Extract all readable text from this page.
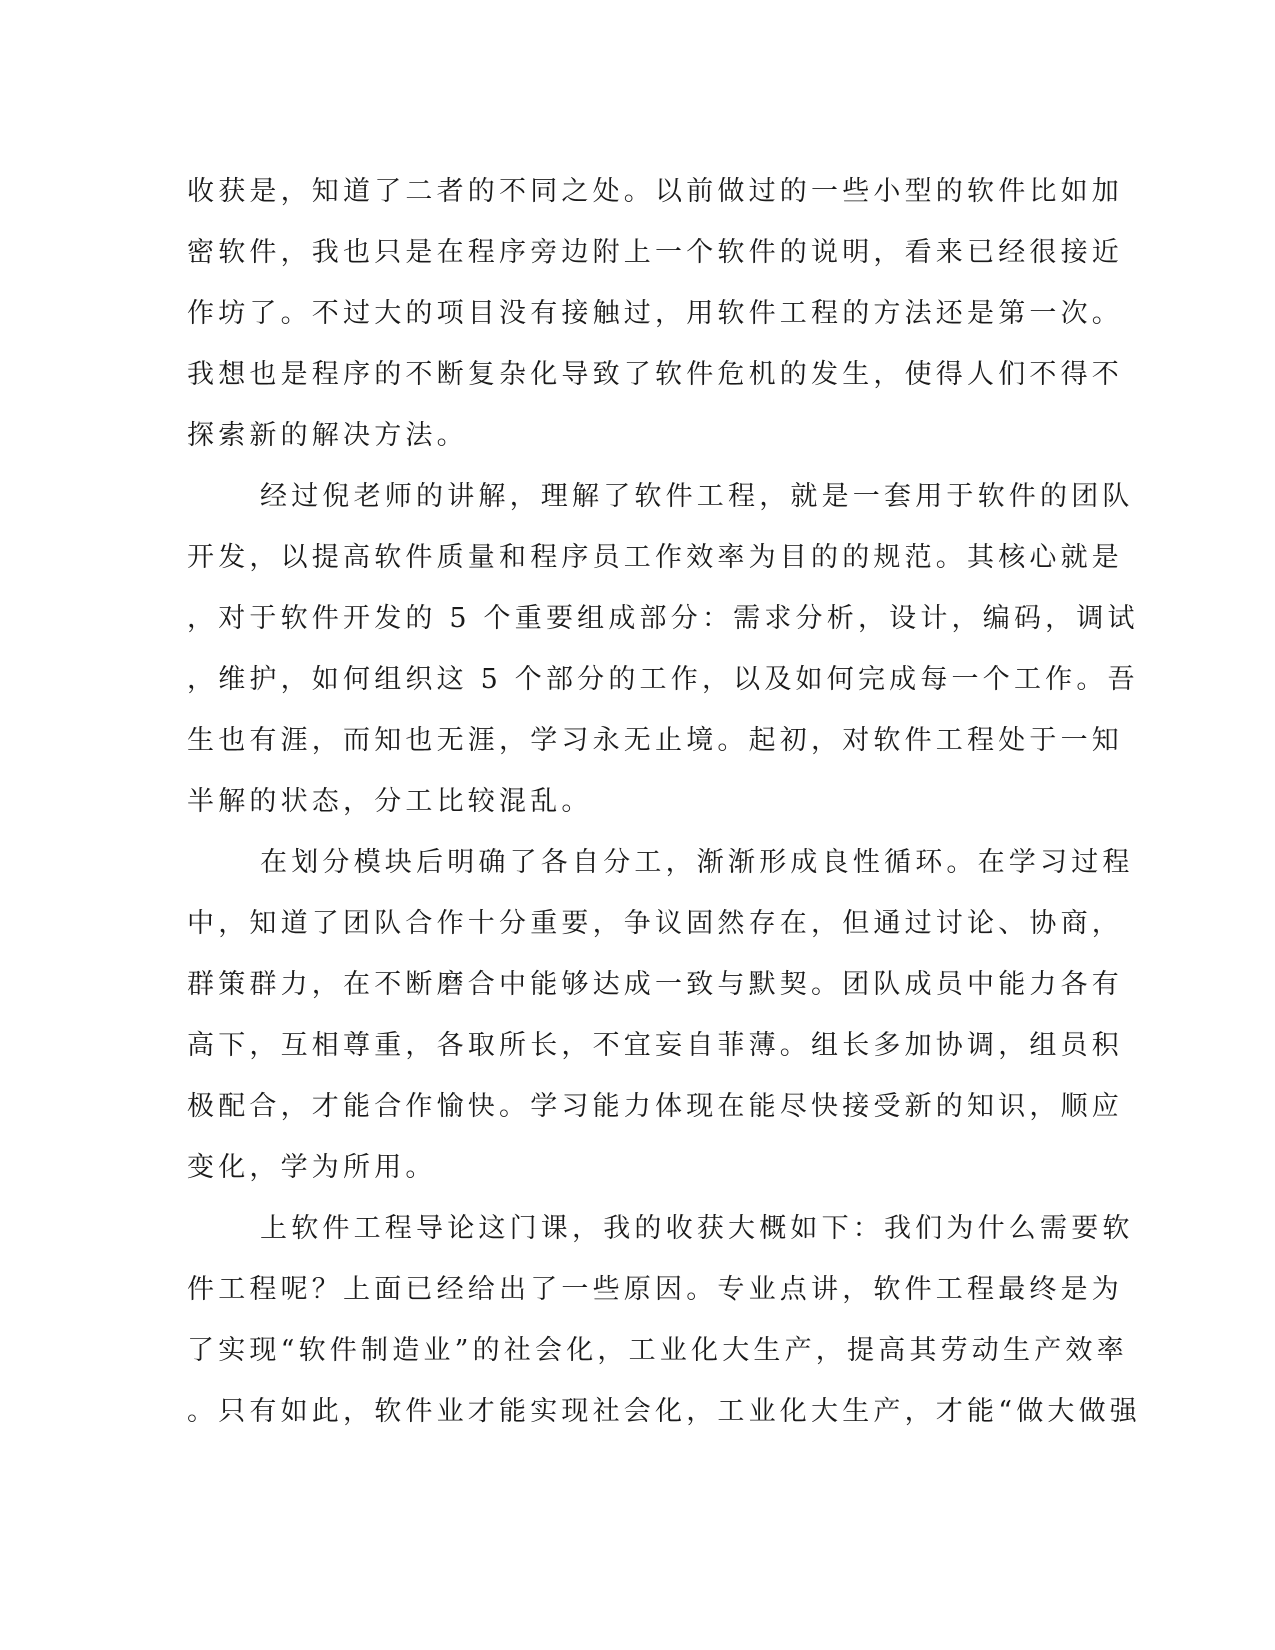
收获是，知道了二者的不同之处。以前做过的一些小型的软件比如加
密软件，我也只是在程序旁边附上一个软件的说明，看来已经很接近
作坊了。不过大的项目没有接触过，用软件工程的方法还是第一次。
我想也是程序的不断复杂化导致了软件危机的发生，使得人们不得不
探索新的解决方法。
经过倪老师的讲解，理解了软件工程，就是一套用于软件的团队
开发，以提高软件质量和程序员工作效率为目的的规范。其核心就是
，对于软件开发的 5 个重要组成部分：需求分析，设计，编码，调试
，维护，如何组织这 5 个部分的工作，以及如何完成每一个工作。吾
生也有涯，而知也无涯，学习永无止境。起初，对软件工程处于一知
半解的状态，分工比较混乱。
在划分模块后明确了各自分工，渐渐形成良性循环。在学习过程
中，知道了团队合作十分重要，争议固然存在，但通过讨论、协商，
群策群力，在不断磨合中能够达成一致与默契。团队成员中能力各有
高下，互相尊重，各取所长，不宜妄自菲薄。组长多加协调，组员积
极配合，才能合作愉快。学习能力体现在能尽快接受新的知识，顺应
变化，学为所用。
上软件工程导论这门课，我的收获大概如下：我们为什么需要软
件工程呢？上面已经给出了一些原因。专业点讲，软件工程最终是为
了实现“软件制造业”的社会化，工业化大生产，提高其劳动生产效率
。只有如此，软件业才能实现社会化，工业化大生产，才能“做大做强
